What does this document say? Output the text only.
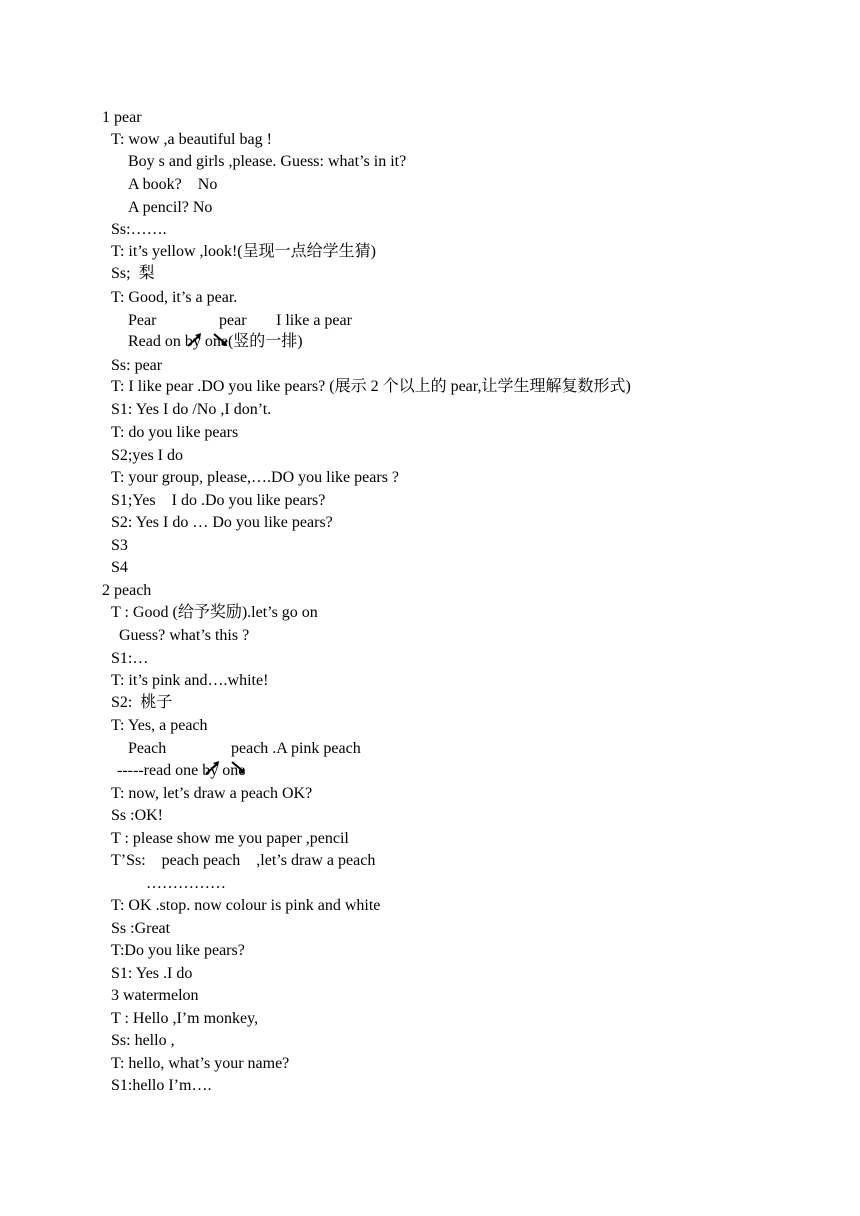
1 pear
T: wow ,a beautiful bag !
Boy s and girls ,please. Guess: what’s in it?
A book?    No
A pencil? No
Ss:…….
T: it’s yellow ,look!(呈现一点给学生猜)
Ss;  梨
T: Good, it’s a pear.
Pear

	pear I like a pear
Read on by one(竖的一排)
Ss: pear
T: I like pear .DO you like pears? (展示 2 个以上的 pear,让学生理解复数形式)
S1: Yes I do /No ,I don’t.
T: do you like pears
S2;yes I do
T: your group, please,….DO you like pears ?
S1;Yes    I do .Do you like pears?
S2: Yes I do … Do you like pears?
S3
S4
2 peach
T : Good (给予奖励).let’s go on
Guess? what’s this ?
S1:…
T: it’s pink and….white!
S2:  桃子
T: Yes, a peach
Peach

	peach .A pink peach
-----read one by one
T: now, let’s draw a peach OK?
Ss :OK!
T : please show me you paper ,pencil
T’Ss:    peach peach    ,let’s draw a peach
……………
T: OK .stop. now colour is pink and white
Ss :Great
T:Do you like pears?
S1: Yes .I do
3 watermelon
T : Hello ,I’m monkey,
Ss: hello ,
T: hello, what’s your name?
S1:hello I’m….
